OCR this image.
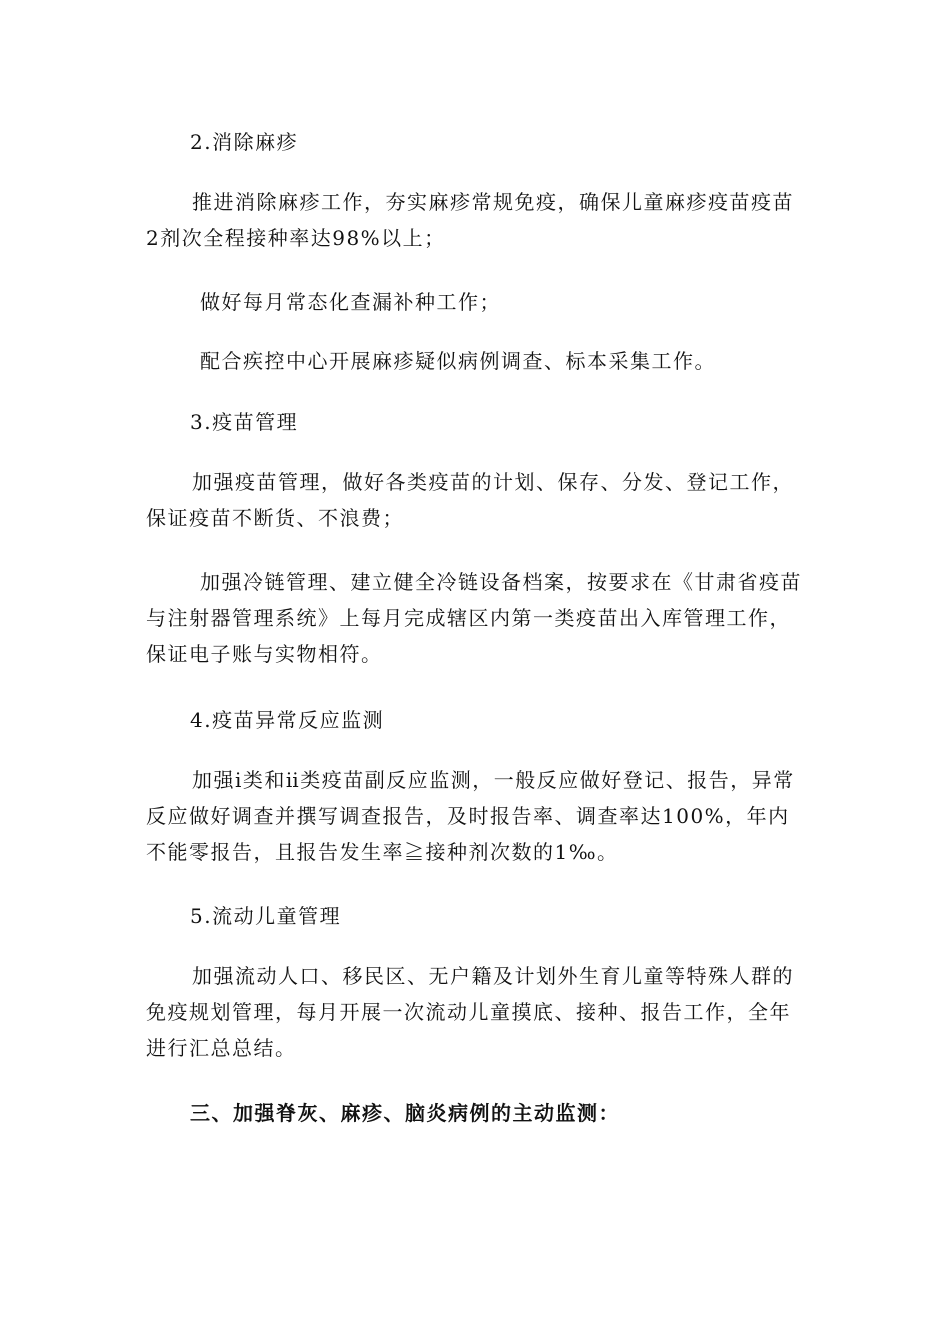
2.消除麻疹

推进消除麻疹工作，夯实麻疹常规免疫，确保儿童麻疹疫苗疫苗2剂次全程接种率达98%以上；

做好每月常态化查漏补种工作；

配合疾控中心开展麻疹疑似病例调查、标本采集工作。

3.疫苗管理

加强疫苗管理，做好各类疫苗的计划、保存、分发、登记工作，保证疫苗不断货、不浪费；

加强冷链管理、建立健全冷链设备档案，按要求在《甘肃省疫苗与注射器管理系统》上每月完成辖区内第一类疫苗出入库管理工作，保证电子账与实物相符。

4.疫苗异常反应监测

加强ⅰ类和ⅱ类疫苗副反应监测，一般反应做好登记、报告，异常反应做好调查并撰写调查报告，及时报告率、调查率达100%，年内不能零报告，且报告发生率≧接种剂次数的1‰。

5.流动儿童管理

加强流动人口、移民区、无户籍及计划外生育儿童等特殊人群的免疫规划管理，每月开展一次流动儿童摸底、接种、报告工作，全年进行汇总总结。

三、加强脊灰、麻疹、脑炎病例的主动监测：
